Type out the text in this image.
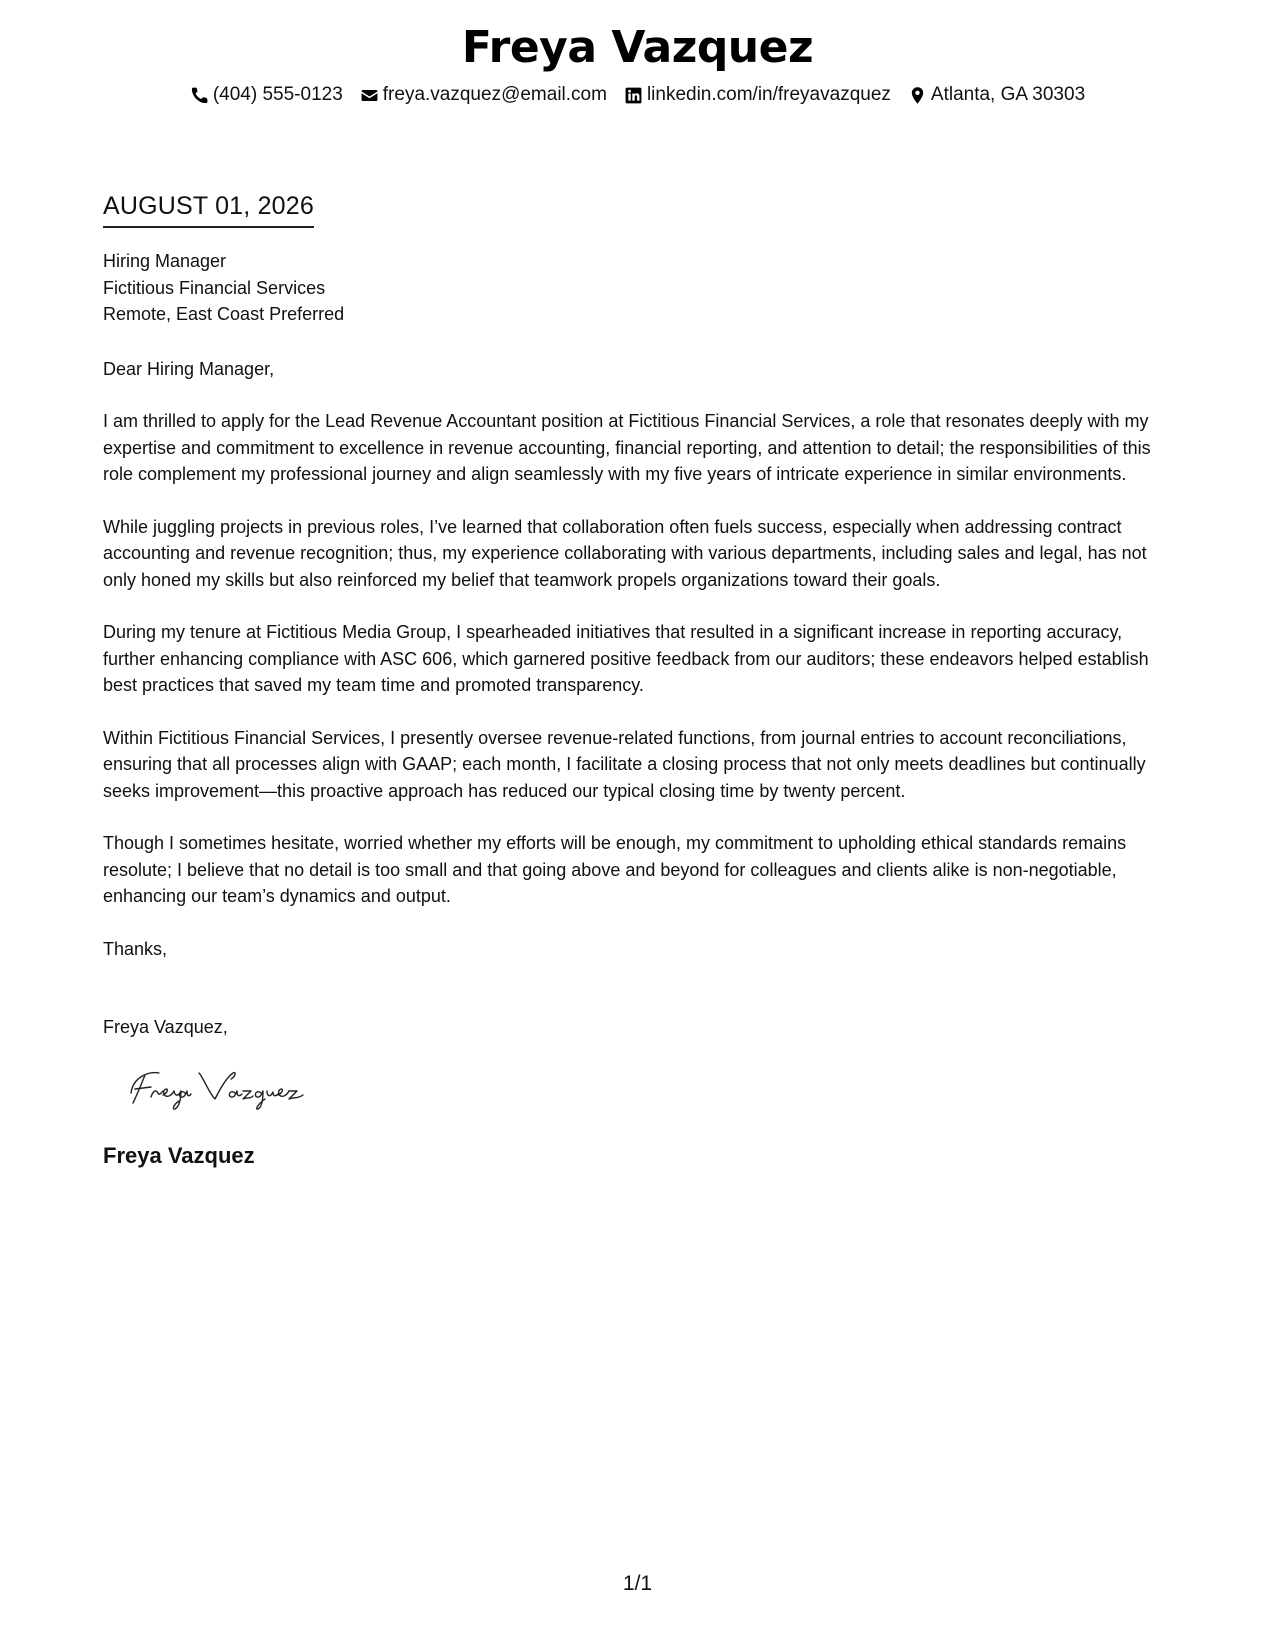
Freya Vazquez
(404) 555-0123 freya.vazquez@email.com linkedin.com/in/freyavazquez Atlanta, GA 30303
AUGUST 01, 2026
Hiring Manager
Fictitious Financial Services
Remote, East Coast Preferred
Dear Hiring Manager,

I am thrilled to apply for the Lead Revenue Accountant position at Fictitious Financial Services, a role that resonates deeply with my expertise and commitment to excellence in revenue accounting, financial reporting, and attention to detail; the responsibilities of this role complement my professional journey and align seamlessly with my five years of intricate experience in similar environments.

While juggling projects in previous roles, I’ve learned that collaboration often fuels success, especially when addressing contract accounting and revenue recognition; thus, my experience collaborating with various departments, including sales and legal, has not only honed my skills but also reinforced my belief that teamwork propels organizations toward their goals.

During my tenure at Fictitious Media Group, I spearheaded initiatives that resulted in a significant increase in reporting accuracy, further enhancing compliance with ASC 606, which garnered positive feedback from our auditors; these endeavors helped establish best practices that saved my team time and promoted transparency.

Within Fictitious Financial Services, I presently oversee revenue-related functions, from journal entries to account reconciliations, ensuring that all processes align with GAAP; each month, I facilitate a closing process that not only meets deadlines but continually seeks improvement—this proactive approach has reduced our typical closing time by twenty percent.

Though I sometimes hesitate, worried whether my efforts will be enough, my commitment to upholding ethical standards remains resolute; I believe that no detail is too small and that going above and beyond for colleagues and clients alike is non-negotiable, enhancing our team’s dynamics and output.

Thanks,
Freya Vazquez,
Freya Vazquez
1/1
